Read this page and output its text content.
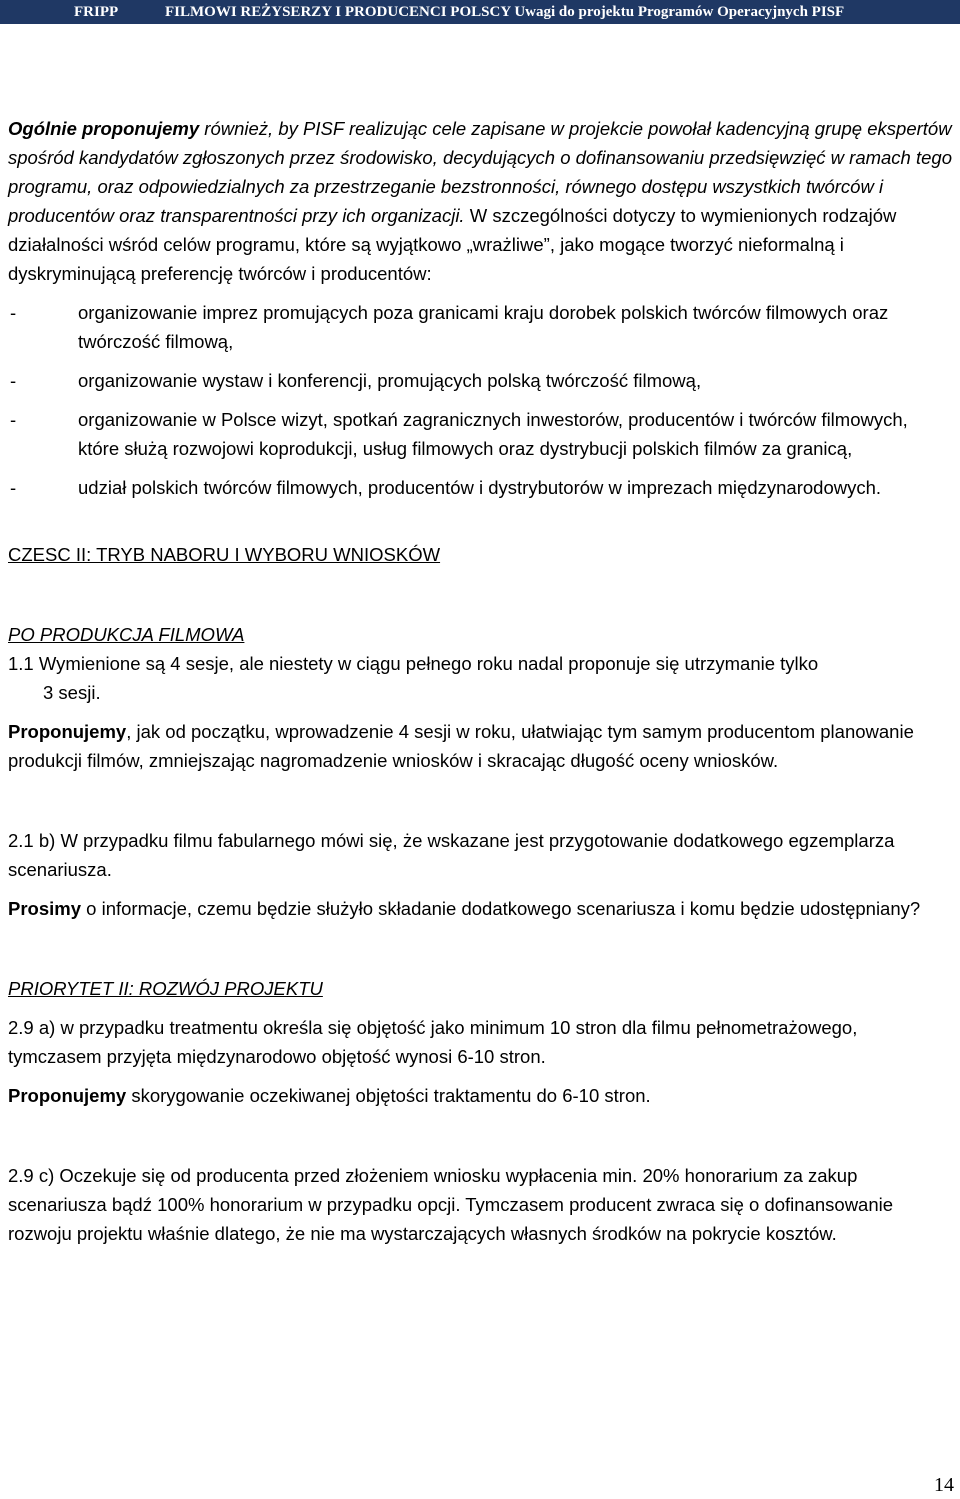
FRIPP	FILMOWI REŻYSERZY I PRODUCENCI POLSCY Uwagi do projektu Programów Operacyjnych PISF

Ogólnie proponujemy również, by PISF realizując cele zapisane w projekcie powołał kadencyjną grupę ekspertów spośród kandydatów zgłoszonych przez środowisko, decydujących o dofinansowaniu przedsięwzięć w ramach tego programu, oraz odpowiedzialnych za przestrzeganie bezstronności, równego dostępu wszystkich twórców i producentów oraz transparentności przy ich organizacji. W szczególności dotyczy to wymienionych rodzajów działalności wśród celów programu, które są wyjątkowo „wrażliwe”, jako mogące tworzyć nieformalną i dyskryminującą preferencję twórców i producentów:

-	organizowanie imprez promujących poza granicami kraju dorobek polskich twórców filmowych oraz twórczość filmową,
-	organizowanie wystaw i konferencji, promujących polską twórczość filmową,
-	organizowanie w Polsce wizyt, spotkań zagranicznych inwestorów, producentów i twórców filmowych, które służą rozwojowi koprodukcji, usług filmowych oraz dystrybucji polskich filmów za granicą,
-	udział polskich twórców filmowych, producentów i dystrybutorów w imprezach międzynarodowych.

CZESC II: TRYB NABORU I WYBORU WNIOSKÓW

PO PRODUKCJA FILMOWA

1.1 Wymienione są 4 sesje, ale niestety w ciągu pełnego roku nadal proponuje się utrzymanie tylko
3 sesji.

Proponujemy, jak od początku, wprowadzenie 4 sesji w roku, ułatwiając tym samym producentom planowanie produkcji filmów, zmniejszając nagromadzenie wniosków i skracając długość oceny wniosków.

2.1 b) W przypadku filmu fabularnego mówi się, że wskazane jest przygotowanie dodatkowego egzemplarza scenariusza.

Prosimy o informacje, czemu będzie służyło składanie dodatkowego scenariusza i komu będzie udostępniany?

PRIORYTET II: ROZWÓJ PROJEKTU

2.9 a) w przypadku treatmentu określa się objętość jako minimum 10 stron dla filmu pełnometrażowego, tymczasem przyjęta międzynarodowo objętość wynosi 6-10 stron.

Proponujemy skorygowanie oczekiwanej objętości traktamentu do 6-10 stron.

2.9 c) Oczekuje się od producenta przed złożeniem wniosku wypłacenia min. 20% honorarium za zakup scenariusza bądź 100% honorarium w przypadku opcji. Tymczasem producent zwraca się o dofinansowanie rozwoju projektu właśnie dlatego, że nie ma wystarczających własnych środków na pokrycie kosztów.

14
